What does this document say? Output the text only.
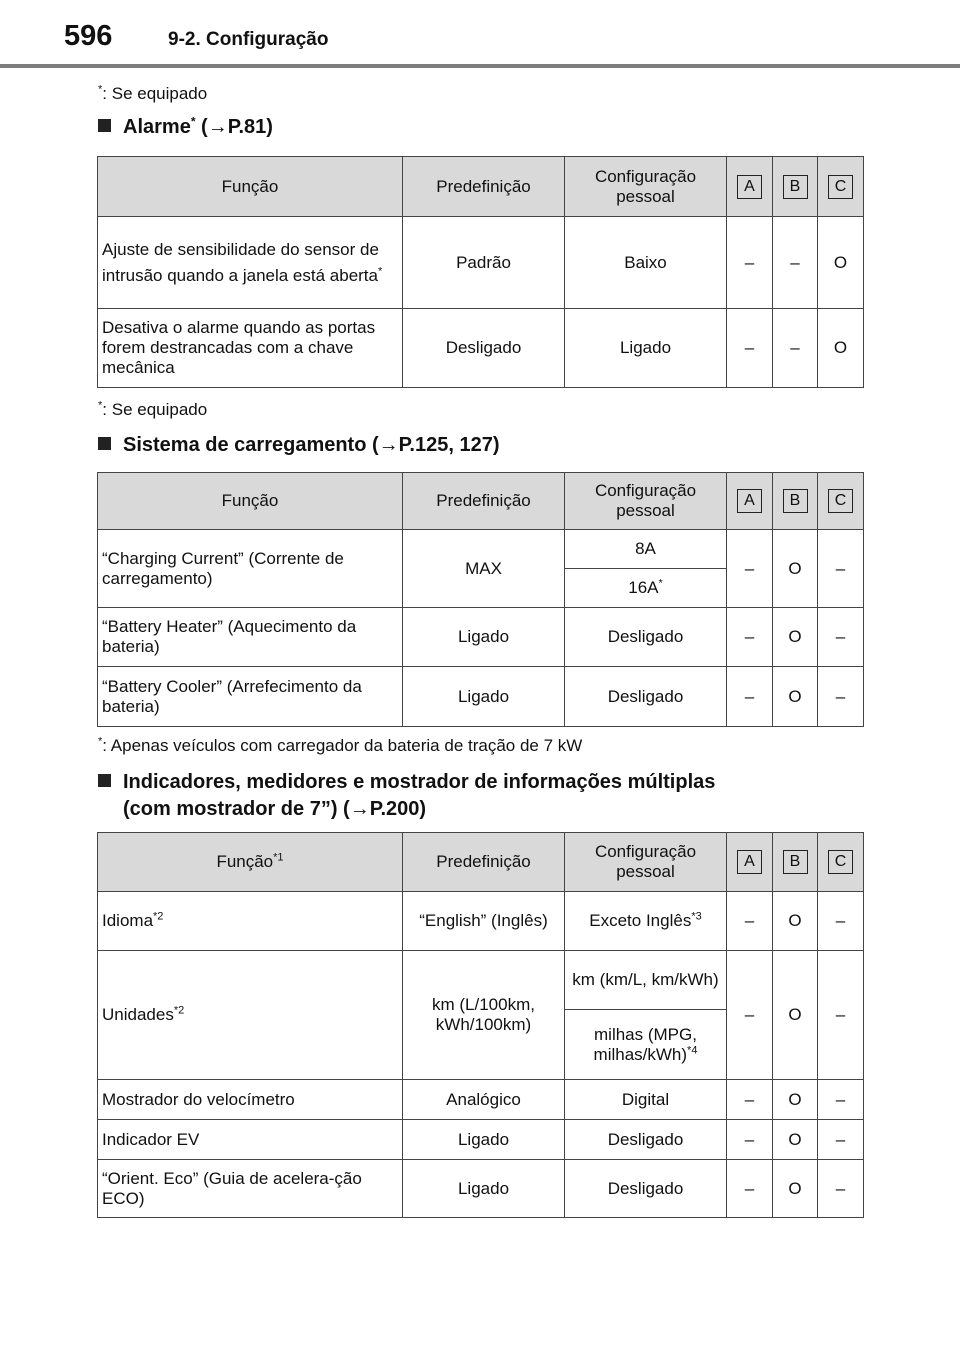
596	9-2. Configuração
*: Se equipado
Alarme* (→P.81)
Função	Predefinição	Configuração pessoal	A	B	C
Ajuste de sensibilidade do sensor de intrusão quando a janela está aberta*	Padrão	Baixo	–	–	O
Desativa o alarme quando as portas forem destrancadas com a chave mecânica	Desligado	Ligado	–	–	O
*: Se equipado
Sistema de carregamento (→P.125, 127)
Função	Predefinição	Configuração pessoal	A	B	C
“Charging Current” (Corrente de carregamento)	MAX	8A	–	O	–
		16A*
“Battery Heater” (Aquecimento da bateria)	Ligado	Desligado	–	O	–
“Battery Cooler” (Arrefecimento da bateria)	Ligado	Desligado	–	O	–
*: Apenas veículos com carregador da bateria de tração de 7 kW
Indicadores, medidores e mostrador de informações múltiplas
(com mostrador de 7”) (→P.200)
Função$^{*1}$	Predefinição	Configuração pessoal	A	B	C
Idioma$^{*2}$	“English” (Inglês)	Exceto Inglês$^{*3}$	–	O	–
Unidades$^{*2}$	km (L/100km, kWh/100km)	km (km/L, km/kWh)	–	O	–
		milhas (MPG, milhas/kWh)$^{*4}$
Mostrador do velocímetro	Analógico	Digital	–	O	–
Indicador EV	Ligado	Desligado	–	O	–
“Orient. Eco” (Guia de acelera-ção ECO)	Ligado	Desligado	–	O	–
